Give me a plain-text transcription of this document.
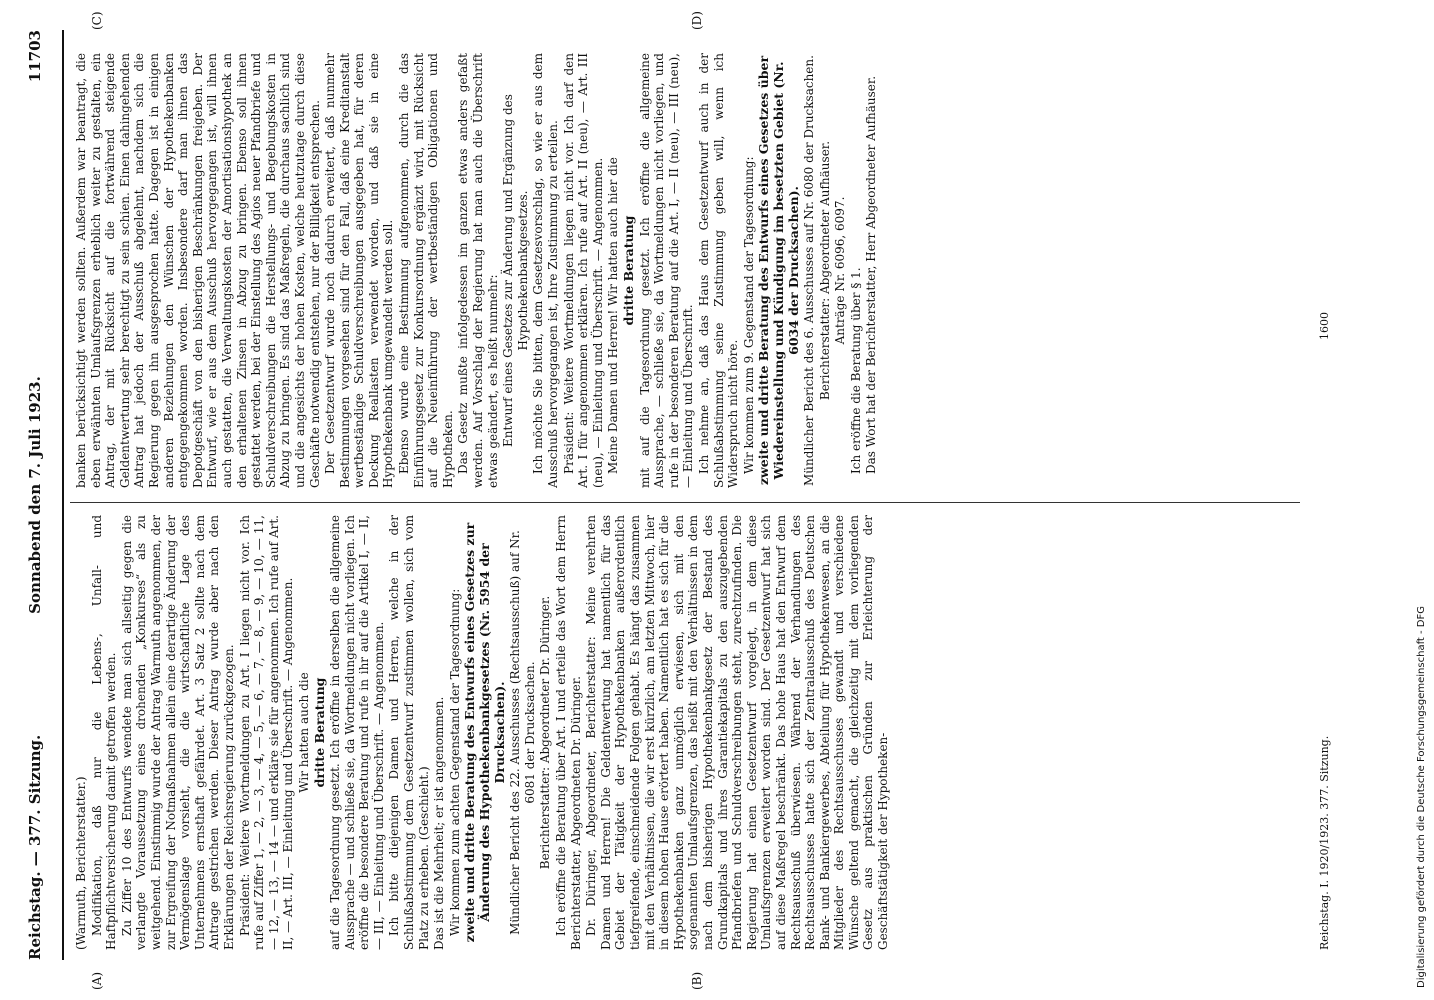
Reichstag. — 377. Sitzung.
Sonnabend den 7. Juli 1923.
11703
(A)	(B)
(C)	(D)

(Warmuth, Berichterstatter.) Modifikation, daß nur die Lebens-, Unfall- und Haftpflichtversicherung damit getroffen werden. Zu Ziffer 10 des Entwurfs wendete man sich allseitig gegen die verlangte Voraussetzung eines drohenden „Konkurses“ als zu weitgehend. Einstimmig wurde der Antrag Warmuth angenommen, der zur Ergreifung der Notmaßnahmen allein eine derartige Änderung der Vermögenslage vorsieht, die die wirtschaftliche Lage des Unternehmens ernsthaft gefährdet. Art. 3 Satz 2 sollte nach dem Antrage gestrichen werden. Dieser Antrag wurde aber nach den Erklärungen der Reichsregierung zurückgezogen. Präsident: Weitere Wortmeldungen zu Art. I liegen nicht vor. Ich rufe auf Ziffer 1, — 2, — 3, — 4, — 5, — 6, — 7, — 8, — 9, — 10, — 11, — 12, — 13, — 14 — und erkläre sie für angenommen. Ich rufe auf Art. II, — Art. III, — Einleitung und Überschrift. — Angenommen. Wir hatten auch die dritte Beratung auf die Tagesordnung gesetzt. Ich eröffne in derselben die allgemeine Aussprache — und schließe sie, da Wortmeldungen nicht vorliegen. Ich eröffne die besondere Beratung und rufe in ihr auf die Artikel I, — II, — III, — Einleitung und Überschrift. — Angenommen. Ich bitte diejenigen Damen und Herren, welche in der Schlußabstimmung dem Gesetzentwurf zustimmen wollen, sich vom Platz zu erheben. (Geschieht.) Das ist die Mehrheit; er ist angenommen. Wir kommen zum achten Gegenstand der Tagesordnung: zweite und dritte Beratung des Entwurfs eines Gesetzes zur Änderung des Hypothekenbankgesetzes (Nr. 5954 der Drucksachen). Mündlicher Bericht des 22. Ausschusses (Rechtsausschuß) auf Nr. 6081 der Drucksachen. Berichterstatter: Abgeordneter Dr. Düringer. Ich eröffne die Beratung über Art. I und erteile das Wort dem Herrn Berichterstatter, Abgeordneten Dr. Düringer. Dr. Düringer, Abgeordneter, Berichterstatter: Meine verehrten Damen und Herren! Die Geldentwertung hat namentlich für das Gebiet der Tätigkeit der Hypothekenbanken außerordentlich tiefgreifende, einschneidende Folgen gehabt. Es hängt das zusammen mit den Verhältnissen, die wir erst kürzlich, am letzten Mittwoch, hier in diesem hohen Hause erörtert haben. Namentlich hat es sich für die Hypothekenbanken ganz unmöglich erwiesen, sich mit den sogenannten Umlaufsgrenzen, das heißt mit den Verhältnissen in dem nach dem bisherigen Hypothekenbankgesetz der Bestand des Grundkapitals und ihres Garantiekapitals zu den auszugebenden Pfandbriefen und Schuldverschreibungen steht, zurechtzufinden. Die Regierung hat einen Gesetzentwurf vorgelegt, in dem diese Umlaufsgrenzen erweitert worden sind. Der Gesetzentwurf hat sich auf diese Maßregel beschränkt. Das hohe Haus hat den Entwurf dem Rechtsausschuß überwiesen. Während der Verhandlungen des Rechtsausschusses hatte sich der Zentralausschuß des Deutschen Bank- und Bankiergewerbes, Abteilung für Hypothekenwesen, an die Mitglieder des Rechtsausschusses gewandt und verschiedene Wünsche geltend gemacht, die gleichzeitig mit dem vorliegenden Gesetz aus praktischen Gründen zur Erleichterung der Geschäftstätigkeit der Hypotheken-	Reichstag. I. 1920/1923. 377. Sitzung.

banken berücksichtigt werden sollten. Außerdem war beantragt, die eben erwähnten Umlaufsgrenzen erheblich weiter zu gestalten, ein Antrag, der mit Rücksicht auf die fortwährend steigende Geldentwertung sehr berechtigt zu sein schien. Einen dahingehenden Antrag hat jedoch der Ausschuß abgelehnt, nachdem sich die Regierung gegen ihn ausgesprochen hatte. Dagegen ist in einigen anderen Beziehungen den Wünschen der Hypothekenbanken entgegengekommen worden. Insbesondere darf man ihnen das Depotgeschäft von den bisherigen Beschränkungen freigeben. Der Entwurf, wie er aus dem Ausschuß hervorgegangen ist, will ihnen auch gestatten, die Verwaltungskosten der Amortisationshypothek an den erhaltenen Zinsen in Abzug zu bringen. Ebenso soll ihnen gestattet werden, bei der Einstellung des Agios neuer Pfandbriefe und Schuldverschreibungen die Herstellungs- und Begebungskosten in Abzug zu bringen. Es sind das Maßregeln, die durchaus sachlich sind und die angesichts der hohen Kosten, welche heutzutage durch diese Geschäfte notwendig entstehen, nur der Billigkeit entsprechen. Der Gesetzentwurf wurde noch dadurch erweitert, daß nunmehr Bestimmungen vorgesehen sind für den Fall, daß eine Kreditanstalt wertbeständige Schuldverschreibungen ausgegeben hat, für deren Deckung Reallasten verwendet worden, und daß sie in eine Hypothekenbank umgewandelt werden soll. Ebenso wurde eine Bestimmung aufgenommen, durch die das Einführungsgesetz zur Konkursordnung ergänzt wird, mit Rücksicht auf die Neueinführung der wertbeständigen Obligationen und Hypotheken. Das Gesetz mußte infolgedessen im ganzen etwas anders gefaßt werden. Auf Vorschlag der Regierung hat man auch die Überschrift etwas geändert, es heißt nunmehr: Entwurf eines Gesetzes zur Änderung und Ergänzung des Hypothekenbankgesetzes. Ich möchte Sie bitten, dem Gesetzesvorschlag, so wie er aus dem Ausschuß hervorgegangen ist, Ihre Zustimmung zu erteilen. Präsident: Weitere Wortmeldungen liegen nicht vor. Ich darf den Art. I für angenommen erklären. Ich rufe auf Art. II (neu), — Art. III (neu), — Einleitung und Überschrift. — Angenommen. Meine Damen und Herren! Wir hatten auch hier die dritte Beratung mit auf die Tagesordnung gesetzt. Ich eröffne die allgemeine Aussprache, — schließe sie, da Wortmeldungen nicht vorliegen, und rufe in der besonderen Beratung auf die Art. I, — II (neu), — III (neu), — Einleitung und Überschrift. Ich nehme an, daß das Haus dem Gesetzentwurf auch in der Schlußabstimmung seine Zustimmung geben will, wenn ich Widerspruch nicht höre. Wir kommen zum 9. Gegenstand der Tagesordnung: zweite und dritte Beratung des Entwurfs eines Gesetzes über Wiedereinstellung und Kündigung im besetzten Gebiet (Nr. 6034 der Drucksachen). Mündlicher Bericht des 6. Ausschusses auf Nr. 6080 der Drucksachen. Berichterstatter: Abgeordneter Aufhäuser. Anträge Nr. 6096, 6097. Ich eröffne die Beratung über § 1. Das Wort hat der Berichterstatter, Herr Abgeordneter Aufhäuser.	1600
Digitalisierung gefördert durch die Deutsche Forschungsgemeinschaft - DFG
